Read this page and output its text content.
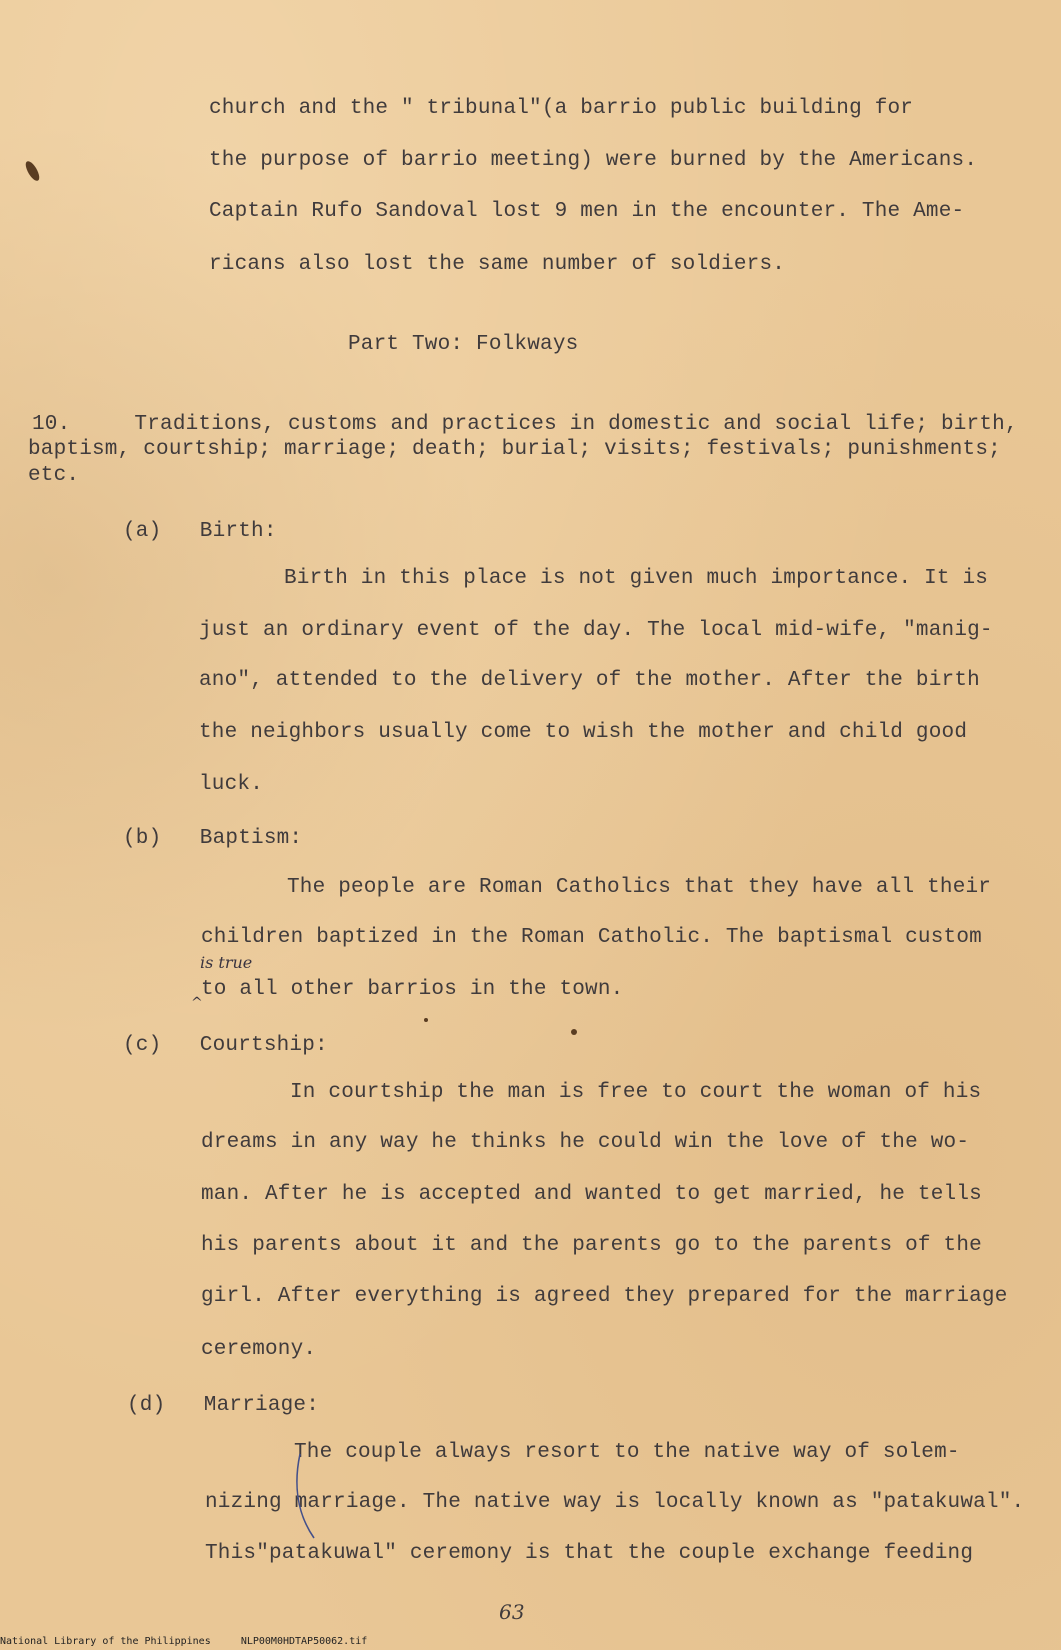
church and the " tribunal"(a barrio public building for
the purpose of barrio meeting) were burned by the Americans.
Captain Rufo Sandoval lost 9 men in the encounter. The Ame-
ricans also lost the same number of soldiers.
Part Two: Folkways
10.     Traditions, customs and practices in domestic and social life; birth,
baptism, courtship; marriage; death; burial; visits; festivals; punishments;
etc.
(a)   Birth:
Birth in this place is not given much importance. It is
just an ordinary event of the day. The local mid-wife, "manig-
ano", attended to the delivery of the mother. After the birth
the neighbors usually come to wish the mother and child good
luck.
(b)   Baptism:
The people are Roman Catholics that they have all their
children baptized in the Roman Catholic. The baptismal custom
is true
to all other barrios in the town.
^
(c)   Courtship:
In courtship the man is free to court the woman of his
dreams in any way he thinks he could win the love of the wo-
man. After he is accepted and wanted to get married, he tells
his parents about it and the parents go to the parents of the
girl. After everything is agreed they prepared for the marriage
ceremony.
(d)   Marriage:
The couple always resort to the native way of solem-
nizing marriage. The native way is locally known as "patakuwal".
This"patakuwal" ceremony is that the couple exchange feeding
63
National Library of the Philippines     NLP00M0HDTAP50062.tif
